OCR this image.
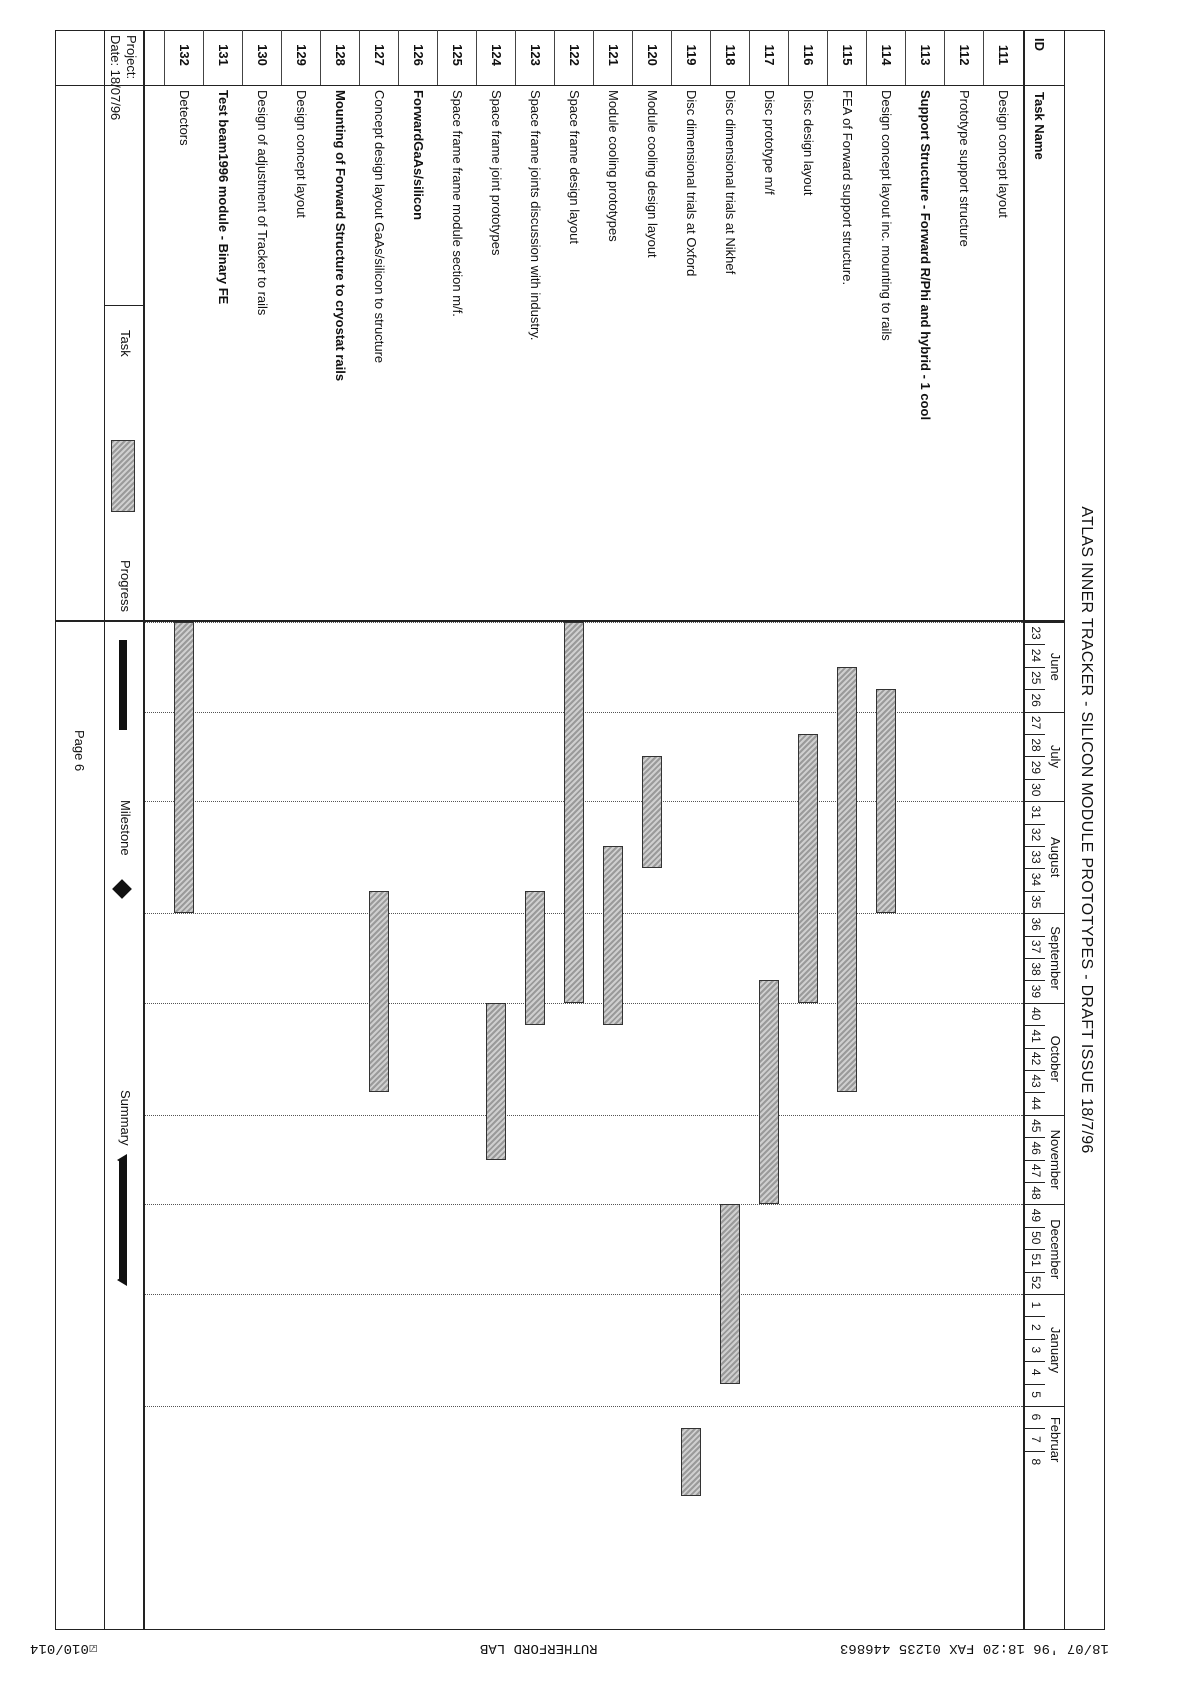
ATLAS INNER TRACKER - SILICON MODULE PROTOTYPES - DRAFT ISSUE 18/7/96
ID
Task Name
23
24
25
26
June
27
28
29
30
July
31
32
33
34
35
August
36
37
38
39
September
40
41
42
43
44
October
45
46
47
48
November
49
50
51
52
December
1
2
3
4
5
January
6
7
8 Februar
111
Design concept layout
112
Prototype support structure
113
Support Structure - Forward R/Phi and hybrid - 1 cool
114
Design concept layout inc. mounting to rails
115
FEA of Forward support structure.
116
Disc design layout
117
Disc prototype m/f
118
Disc dimensional trials at Nikhef
119
Disc dimensional trials at Oxford
120
Module cooling design layout
121
Module cooling prototypes
122
Space frame design layout
123
Space frame joints discussion with industry.
124
Space frame joint prototypes
125
Space frame frame module section m/f.
126
ForwardGaAs/silicon
127
Concept design layout GaAs/silicon to structure
128
Mounting of Forward Structure to cryostat rails
129
Design concept layout
130
Design of adjustment of Tracker to rails
131
Test beam1996 module - Binary FE
132
Detectors
Project:
Date: 18/07/96
Task
Progress
Milestone
Summary
Page 6
18/07 '96 18:20 FAX 01235 446863
RUTHERFORD LAB
☑010/014
